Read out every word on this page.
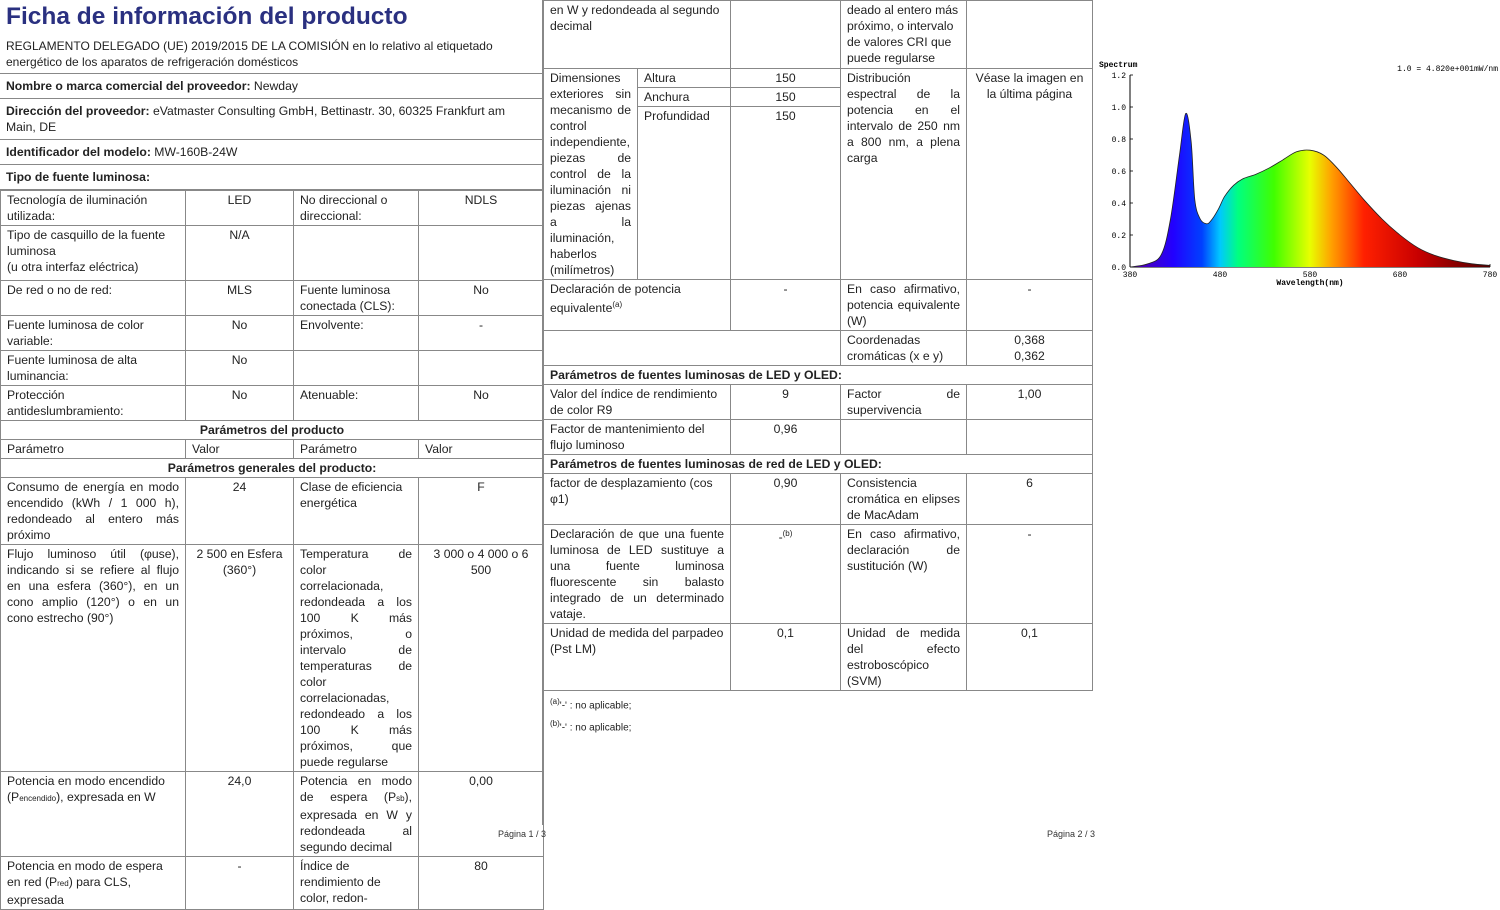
Ficha de información del producto
REGLAMENTO DELEGADO (UE) 2019/2015 DE LA COMISIÓN en lo relativo al etiquetado energético de los aparatos de refrigeración domésticos
Nombre o marca comercial del proveedor: Newday
Dirección del proveedor: eVatmaster Consulting GmbH, Bettinastr. 30, 60325 Frankfurt am Main, DE
Identificador del modelo: MW-160B-24W
Tipo de fuente luminosa:
Tecnología de iluminación utilizada:	LED	No direccional o direccional:	NDLS

Tipo de casquillo de la fuente luminosa
(u otra interfaz eléctrica)	N/A		
De red o no de red:	MLS	Fuente luminosa conectada (CLS):	No
Fuente luminosa de color variable:	No	Envolvente:	-
Fuente luminosa de alta luminancia:	No		
Protección antideslumbramiento:	No	Atenuable:	No
Parámetros del producto			
Parámetro	Valor	Parámetro	Valor
Parámetros generales del producto:			
Consumo de energía en modo encendido (kWh / 1 000 h), redondeado al entero más próximo	24	Clase de eficiencia energética	F
Flujo luminoso útil (φuse), indicando si se refiere al flujo en una esfera (360°), en un cono amplio (120°) o en un cono estrecho (90°)	2 500 en Esfera (360°)	Temperatura de color correlacionada, redondeada a los 100 K más próximos, o intervalo de temperaturas de color correlacionadas, redondeado a los 100 K más próximos, que puede regularse	3 000 o 4 000 o 6 500
Potencia en modo encendido (Pencendido), expresada en W	24,0	Potencia en modo de espera (Psb), expresada en W y redondeada al segundo decimal	0,00
Potencia en modo de espera en red (Pred) para CLS, expresada	-	Índice de rendimiento de color, redon-	80
en W y redondeada al segundo decimal			deado al entero más próximo, o intervalo de valores CRI que puede regularse	
Dimensiones exteriores sin mecanismo de control independiente, piezas de control de la iluminación ni piezas ajenas a la iluminación, haberlos (milímetros)	Altura	150	Distribución espectral de la potencia en el intervalo de 250 nm a 800 nm, a plena carga	Véase la imagen en la última página
	Anchura	150		
	Profundidad	150		
Declaración de potencia equivalente$^{(a)}$		-	En caso afirmativo, potencia equivalente (W)	-
			Coordenadas cromáticas (x e y)	0,368
0,362

Parámetros de fuentes luminosas de LED y OLED:				
Valor del índice de rendimiento de color R9		9	Factor de supervivencia	1,00
Factor de mantenimiento del flujo luminoso		0,96		
Parámetros de fuentes luminosas de red de LED y OLED:				
factor de desplazamiento (cos φ1)		0,90	Consistencia cromática en elipses de MacAdam	6
Declaración de que una fuente luminosa de LED sustituye a una fuente luminosa fluorescente sin balasto integrado de un determinado vataje.		-$^{(b)}$	En caso afirmativo, declaración de sustitución (W)	-
Unidad de medida del parpadeo (Pst LM)		0,1	Unidad de medida del efecto estroboscópico (SVM)	0,1
$^{(a)}$'-' : no aplicable;
$^{(b)}$'-' : no aplicable;
Página 1 / 3	Página 2 / 3
Spectrum	1.0 = 4.820e+001mW/nm
0.0
0.2
0.4
0.6
0.8
1.0
1.2
380	480	580	680	780
Wavelength(nm)
